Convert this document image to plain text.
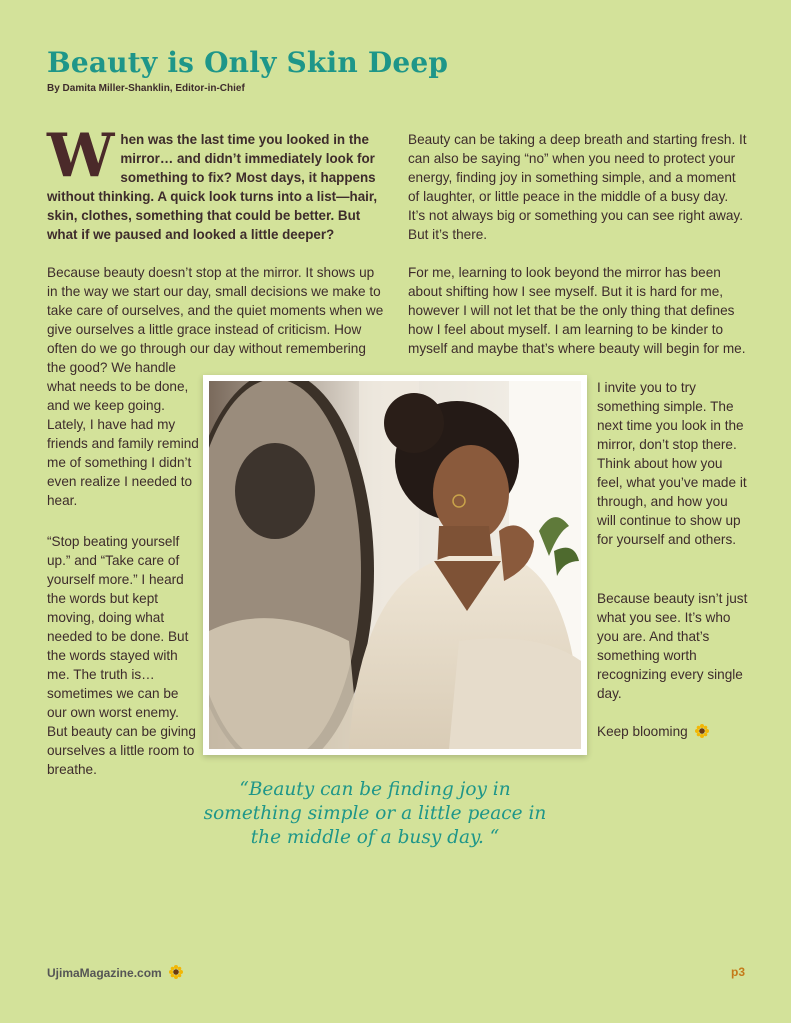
Beauty is Only Skin Deep
By Damita Miller-Shanklin, Editor-in-Chief
W hen was the last time you looked in the mirror… and didn’t immediately look for something to fix? Most days, it happens without thinking. A quick look turns into a list—hair, skin, clothes, something that could be better. But what if we paused and looked a little deeper?
Because beauty doesn’t stop at the mirror. It shows up in the way we start our day, small decisions we make to take care of ourselves, and the quiet moments when we give ourselves a little grace instead of criticism. How often do we go through our day without remembering
the good? We handle what needs to be done, and we keep going. Lately, I have had my friends and family remind me of something I didn’t even realize I needed to hear.
“Stop beating yourself up.” and “Take care of yourself more.” I heard the words but kept moving, doing what needed to be done. But the words stayed with me. The truth is… sometimes we can be our own worst enemy. But beauty can be giving ourselves a little room to breathe.
Beauty can be taking a deep breath and starting fresh. It can also be saying “no” when you need to protect your energy, finding joy in something simple, and a moment of laughter, or little peace in the middle of a busy day. It’s not always big or something you can see right away. But it’s there.
For me, learning to look beyond the mirror has been about shifting how I see myself. But it is hard for me, however I will not let that be the only thing that defines how I feel about myself. I am learning to be kinder to myself and maybe that’s where beauty will begin for me.
I invite you to try something simple. The next time you look in the mirror, don’t stop there. Think about how you feel, what you’ve made it through, and how you will continue to show up for yourself and others.
Because beauty isn’t just what you see. It’s who you are. And that’s something worth recognizing every single day.
Keep blooming
“Beauty can be finding joy in something simple or a little peace in the middle of a busy day. “
UjimaMagazine.com	p3
